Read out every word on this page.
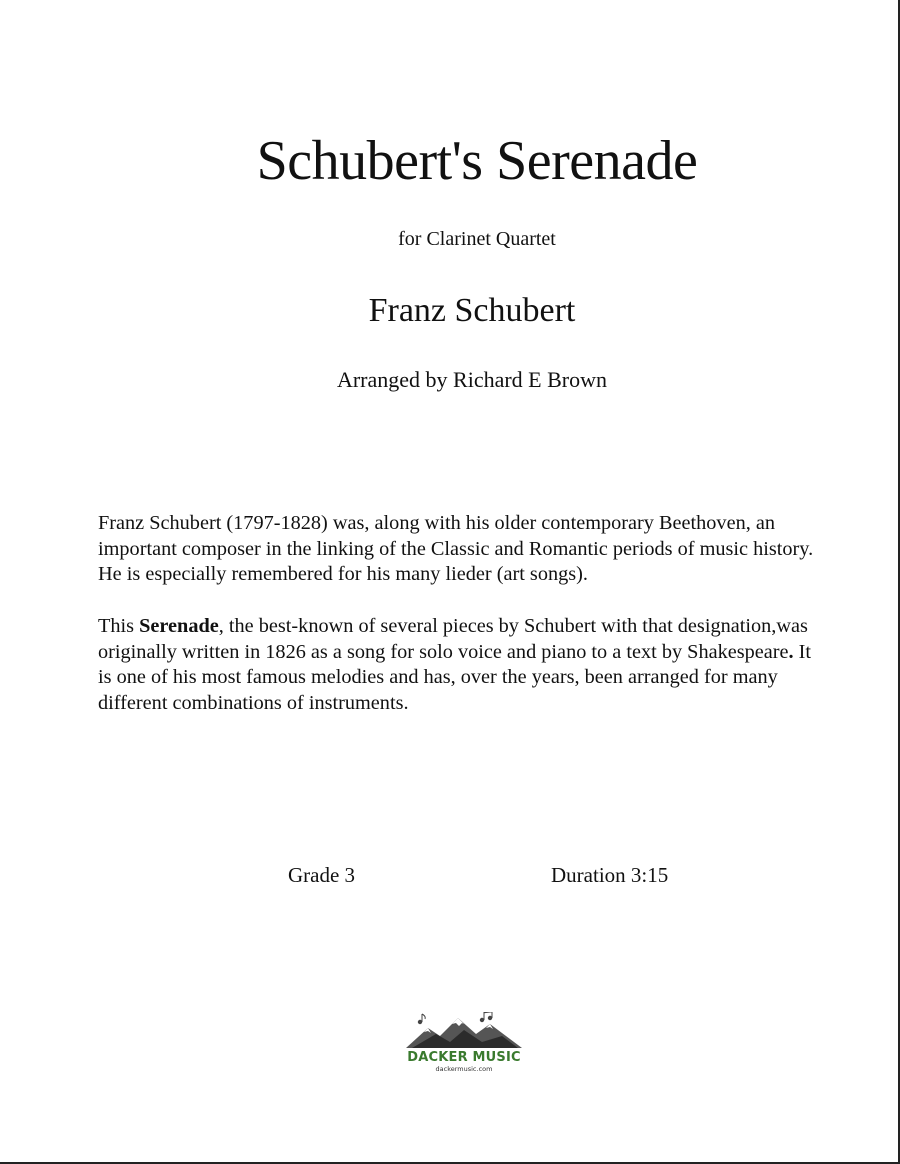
Schubert's Serenade
for Clarinet Quartet
Franz Schubert
Arranged by Richard E Brown

Franz Schubert (1797-1828) was, along with his older contemporary Beethoven, an important composer in the linking of the Classic and Romantic periods of music history. He is especially remembered for his many lieder (art songs).

This Serenade, the best-known of several pieces by Schubert with that designation,was originally written in 1826 as a song for solo voice and piano to a text by Shakespeare. It is one of his most famous melodies and has, over the years, been arranged for many different combinations of instruments.

Grade 3	Duration 3:15
DACKER MUSIC
dackermusic.com
